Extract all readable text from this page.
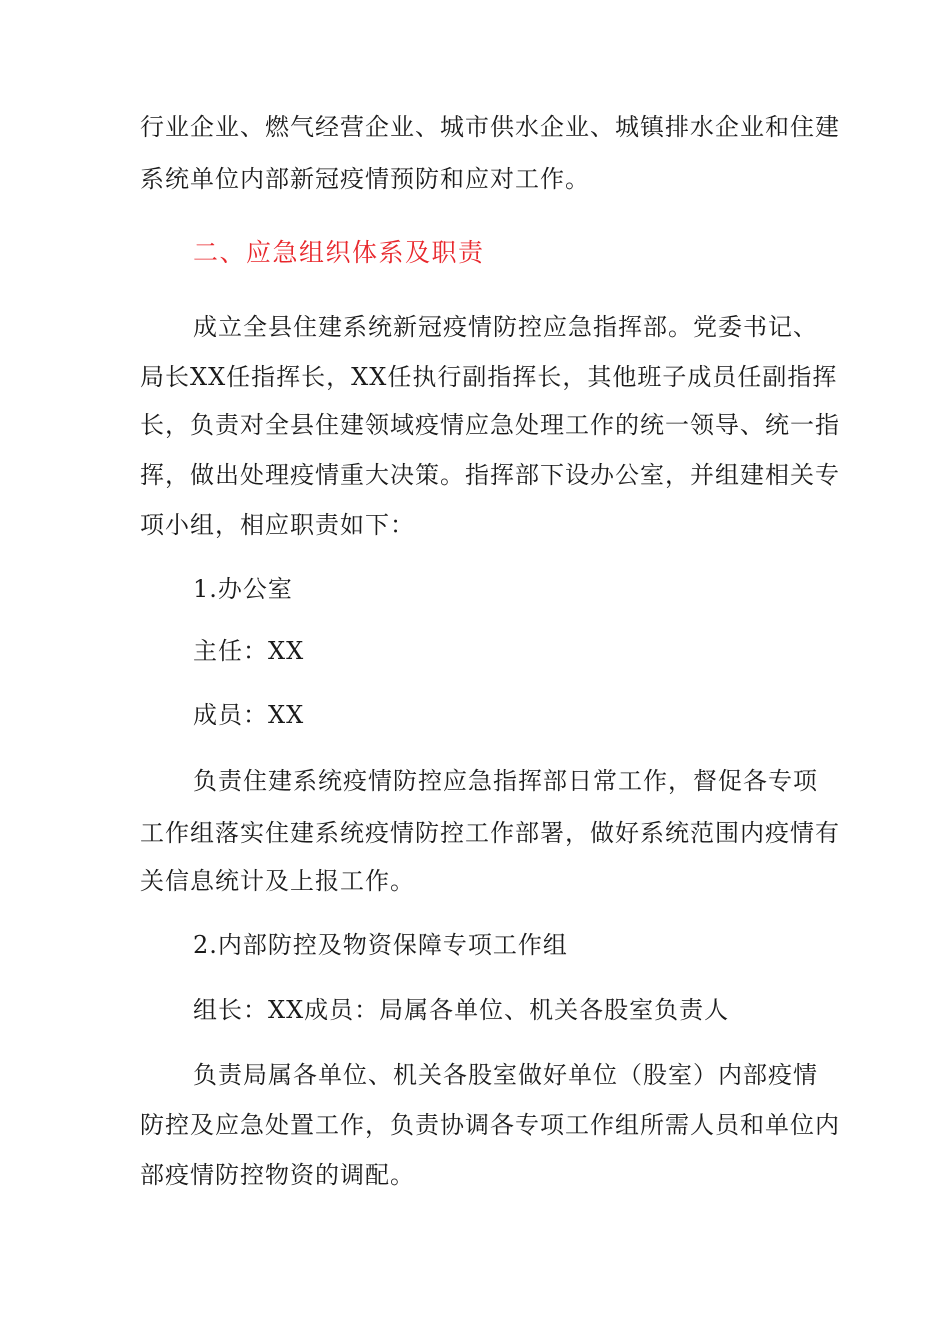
行业企业、燃气经营企业、城市供水企业、城镇排水企业和住建
系统单位内部新冠疫情预防和应对工作。
二、应急组织体系及职责
成立全县住建系统新冠疫情防控应急指挥部。党委书记、
局长XX任指挥长，XX任执行副指挥长，其他班子成员任副指挥
长，负责对全县住建领域疫情应急处理工作的统一领导、统一指
挥，做出处理疫情重大决策。指挥部下设办公室，并组建相关专
项小组，相应职责如下：
1.办公室
主任：XX
成员：XX
负责住建系统疫情防控应急指挥部日常工作，督促各专项
工作组落实住建系统疫情防控工作部署，做好系统范围内疫情有
关信息统计及上报工作。
2.内部防控及物资保障专项工作组
组长：XX成员：局属各单位、机关各股室负责人
负责局属各单位、机关各股室做好单位（股室）内部疫情
防控及应急处置工作，负责协调各专项工作组所需人员和单位内
部疫情防控物资的调配。
